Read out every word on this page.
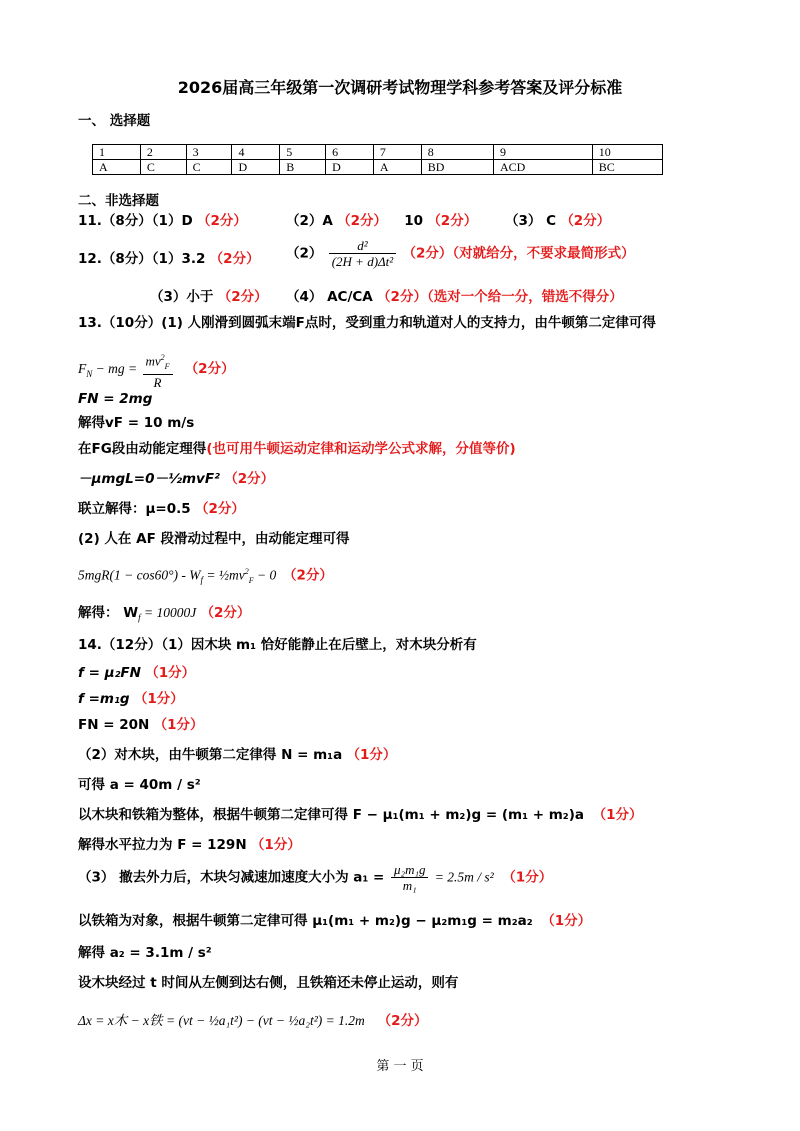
2026届高三年级第一次调研考试物理学科参考答案及评分标准
一、 选择题
1	2	3	4	5	6	7	8	9	10
A	C	C	D	B	D	A	BD	ACD	BC
二、非选择题
11.（8分）（1）D （2分）	（2）A （2分） 10 （2分） （3） C （2分）
12.（8分）（1）3.2 （2分） $(2) \frac{\text{d²}}{\text{(2H + d)Δt²}} (2$分）（对就给分，不要求最简形式）
（3）小于 （2分） （4） AC/CA （2分）（选对一个给一分，错选不得分）
13.（10分）(1) 人刚滑到圆弧末端F点时，受到重力和轨道对人的支持力，由牛顿第二定律可得
$F_N$ − mg = $\frac{mv^2_F}{R} (2$分）
FN = 2mg
解得vF = 10 m/s
在FG段由动能定理得(也可用牛顿运动定律和运动学公式求解，分值等价)
－μmgL=0－½mvF² （2分）
联立解得：μ=0.5 （2分）
(2) 人在 AF 段滑动过程中，由动能定理可得
$5mgR(1 - \cos 60^\circ) - W_f$ = $\frac{1}{2}mv^2_F - 0$ （2分）
解得： $W_f = 10000J$ （2分）
14.（12分）（1）因木块 m₁ 恰好能静止在后壁上，对木块分析有
f = μ₂FN （1分）
f =m₁g （1分）
FN = 20N （1分）
（2）对木块，由牛顿第二定律得 N = m₁a （1分）
可得 a = 40m / s²
以木块和铁箱为整体，根据牛顿第二定律可得 F − μ₁(m₁ + m₂)g = (m₁ + m₂)a （1分）
解得水平拉力为 F = 129N （1分）
（3） 撤去外力后，木块匀减速加速度大小为 $a_1 = \frac{\text{μ₂m₁g}}{\text{m₁}} = 2.5m / s^2$ （1分）
以铁箱为对象，根据牛顿第二定律可得 μ₁(m₁ + m₂)g − μ₂m₁g = m₂a₂ （1分）
解得 a₂ = 3.1m / s²
设木块经过 t 时间从左侧到达右侧，且铁箱还未停止运动，则有
Δx = x木 − x铁 = (vt − ½a₁t²) − (vt − ½a₂t²) = 1.2m （2分）
第 一 页
